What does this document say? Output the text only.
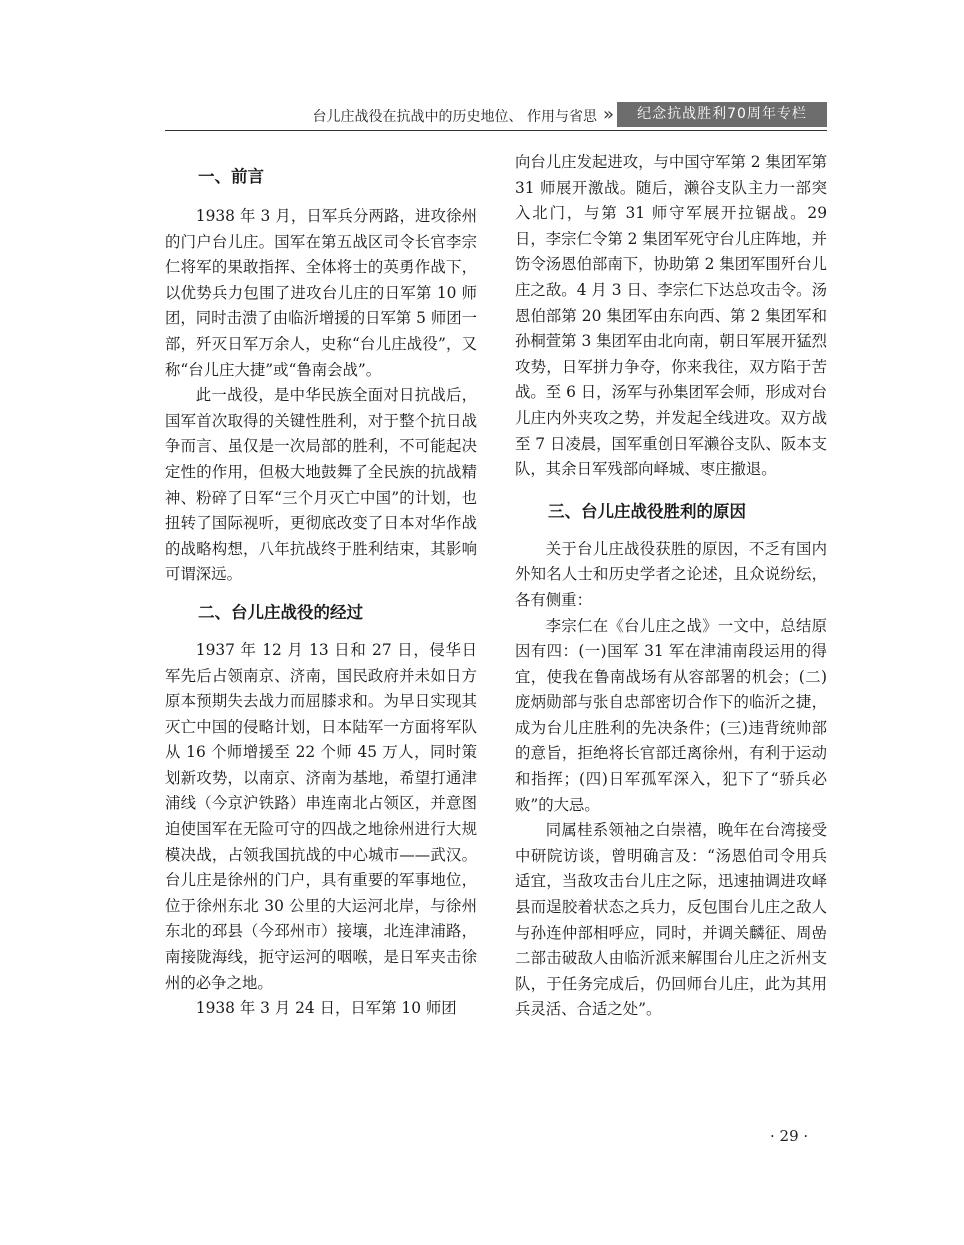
台儿庄战役在抗战中的历史地位、 作用与省思 »	纪念抗战胜利70周年专栏
一、前言

1938 年 3 月，日军兵分两路，进攻徐州的门户台儿庄。国军在第五战区司令长官李宗仁将军的果敢指挥、全体将士的英勇作战下，以优势兵力包围了进攻台儿庄的日军第 10 师团，同时击溃了由临沂增援的日军第 5 师团一部，歼灭日军万余人，史称“台儿庄战役”，又称“台儿庄大捷”或“鲁南会战”。

此一战役，是中华民族全面对日抗战后，国军首次取得的关键性胜利，对于整个抗日战争而言、虽仅是一次局部的胜利，不可能起决定性的作用，但极大地鼓舞了全民族的抗战精神、粉碎了日军“三个月灭亡中国”的计划，也扭转了国际视听，更彻底改变了日本对华作战的战略构想，八年抗战终于胜利结束，其影响可谓深远。

二、台儿庄战役的经过

1937 年 12 月 13 日和 27 日，侵华日军先后占领南京、济南，国民政府并未如日方原本预期失去战力而屈膝求和。为早日实现其灭亡中国的侵略计划，日本陆军一方面将军队从 16 个师增援至 22 个师 45 万人，同时策划新攻势，以南京、济南为基地，希望打通津浦线（今京沪铁路）串连南北占领区，并意图迫使国军在无险可守的四战之地徐州进行大规模决战，占领我国抗战的中心城市——武汉。台儿庄是徐州的门户，具有重要的军事地位，位于徐州东北 30 公里的大运河北岸，与徐州东北的邳县（今邳州市）接壤，北连津浦路，南接陇海线，扼守运河的咽喉，是日军夹击徐州的必争之地。

1938 年 3 月 24 日，日军第 10 师团

向台儿庄发起进攻，与中国守军第 2 集团军第 31 师展开激战。随后，濑谷支队主力一部突入北门，与第 31 师守军展开拉锯战。29 日，李宗仁令第 2 集团军死守台儿庄阵地，并饬令汤恩伯部南下，协助第 2 集团军围歼台儿庄之敌。4 月 3 日、李宗仁下达总攻击令。汤恩伯部第 20 集团军由东向西、第 2 集团军和孙桐萱第 3 集团军由北向南，朝日军展开猛烈攻势，日军拼力争夺，你来我往，双方陷于苦战。至 6 日，汤军与孙集团军会师，形成对台儿庄内外夹攻之势，并发起全线进攻。双方战至 7 日凌晨，国军重创日军濑谷支队、阪本支队，其余日军残部向峄城、枣庄撤退。

三、台儿庄战役胜利的原因

关于台儿庄战役获胜的原因，不乏有国内外知名人士和历史学者之论述，且众说纷纭，各有侧重：

李宗仁在《台儿庄之战》一文中，总结原因有四：(一)国军 31 军在津浦南段运用的得宜，使我在鲁南战场有从容部署的机会；(二)庞炳勋部与张自忠部密切合作下的临沂之捷，成为台儿庄胜利的先决条件；(三)违背统帅部的意旨，拒绝将长官部迁离徐州，有利于运动和指挥；(四)日军孤军深入，犯下了“骄兵必败”的大忌。

同属桂系领袖之白崇禧，晚年在台湾接受中研院访谈，曾明确言及：“汤恩伯司令用兵适宜，当敌攻击台儿庄之际，迅速抽调进攻峄县而逞胶着状态之兵力，反包围台儿庄之敌人与孙连仲部相呼应，同时，并调关麟征、周嵒二部击破敌人由临沂派来解围台儿庄之沂州支队，于任务完成后，仍回师台儿庄，此为其用兵灵活、合适之处”。

· 29 ·
